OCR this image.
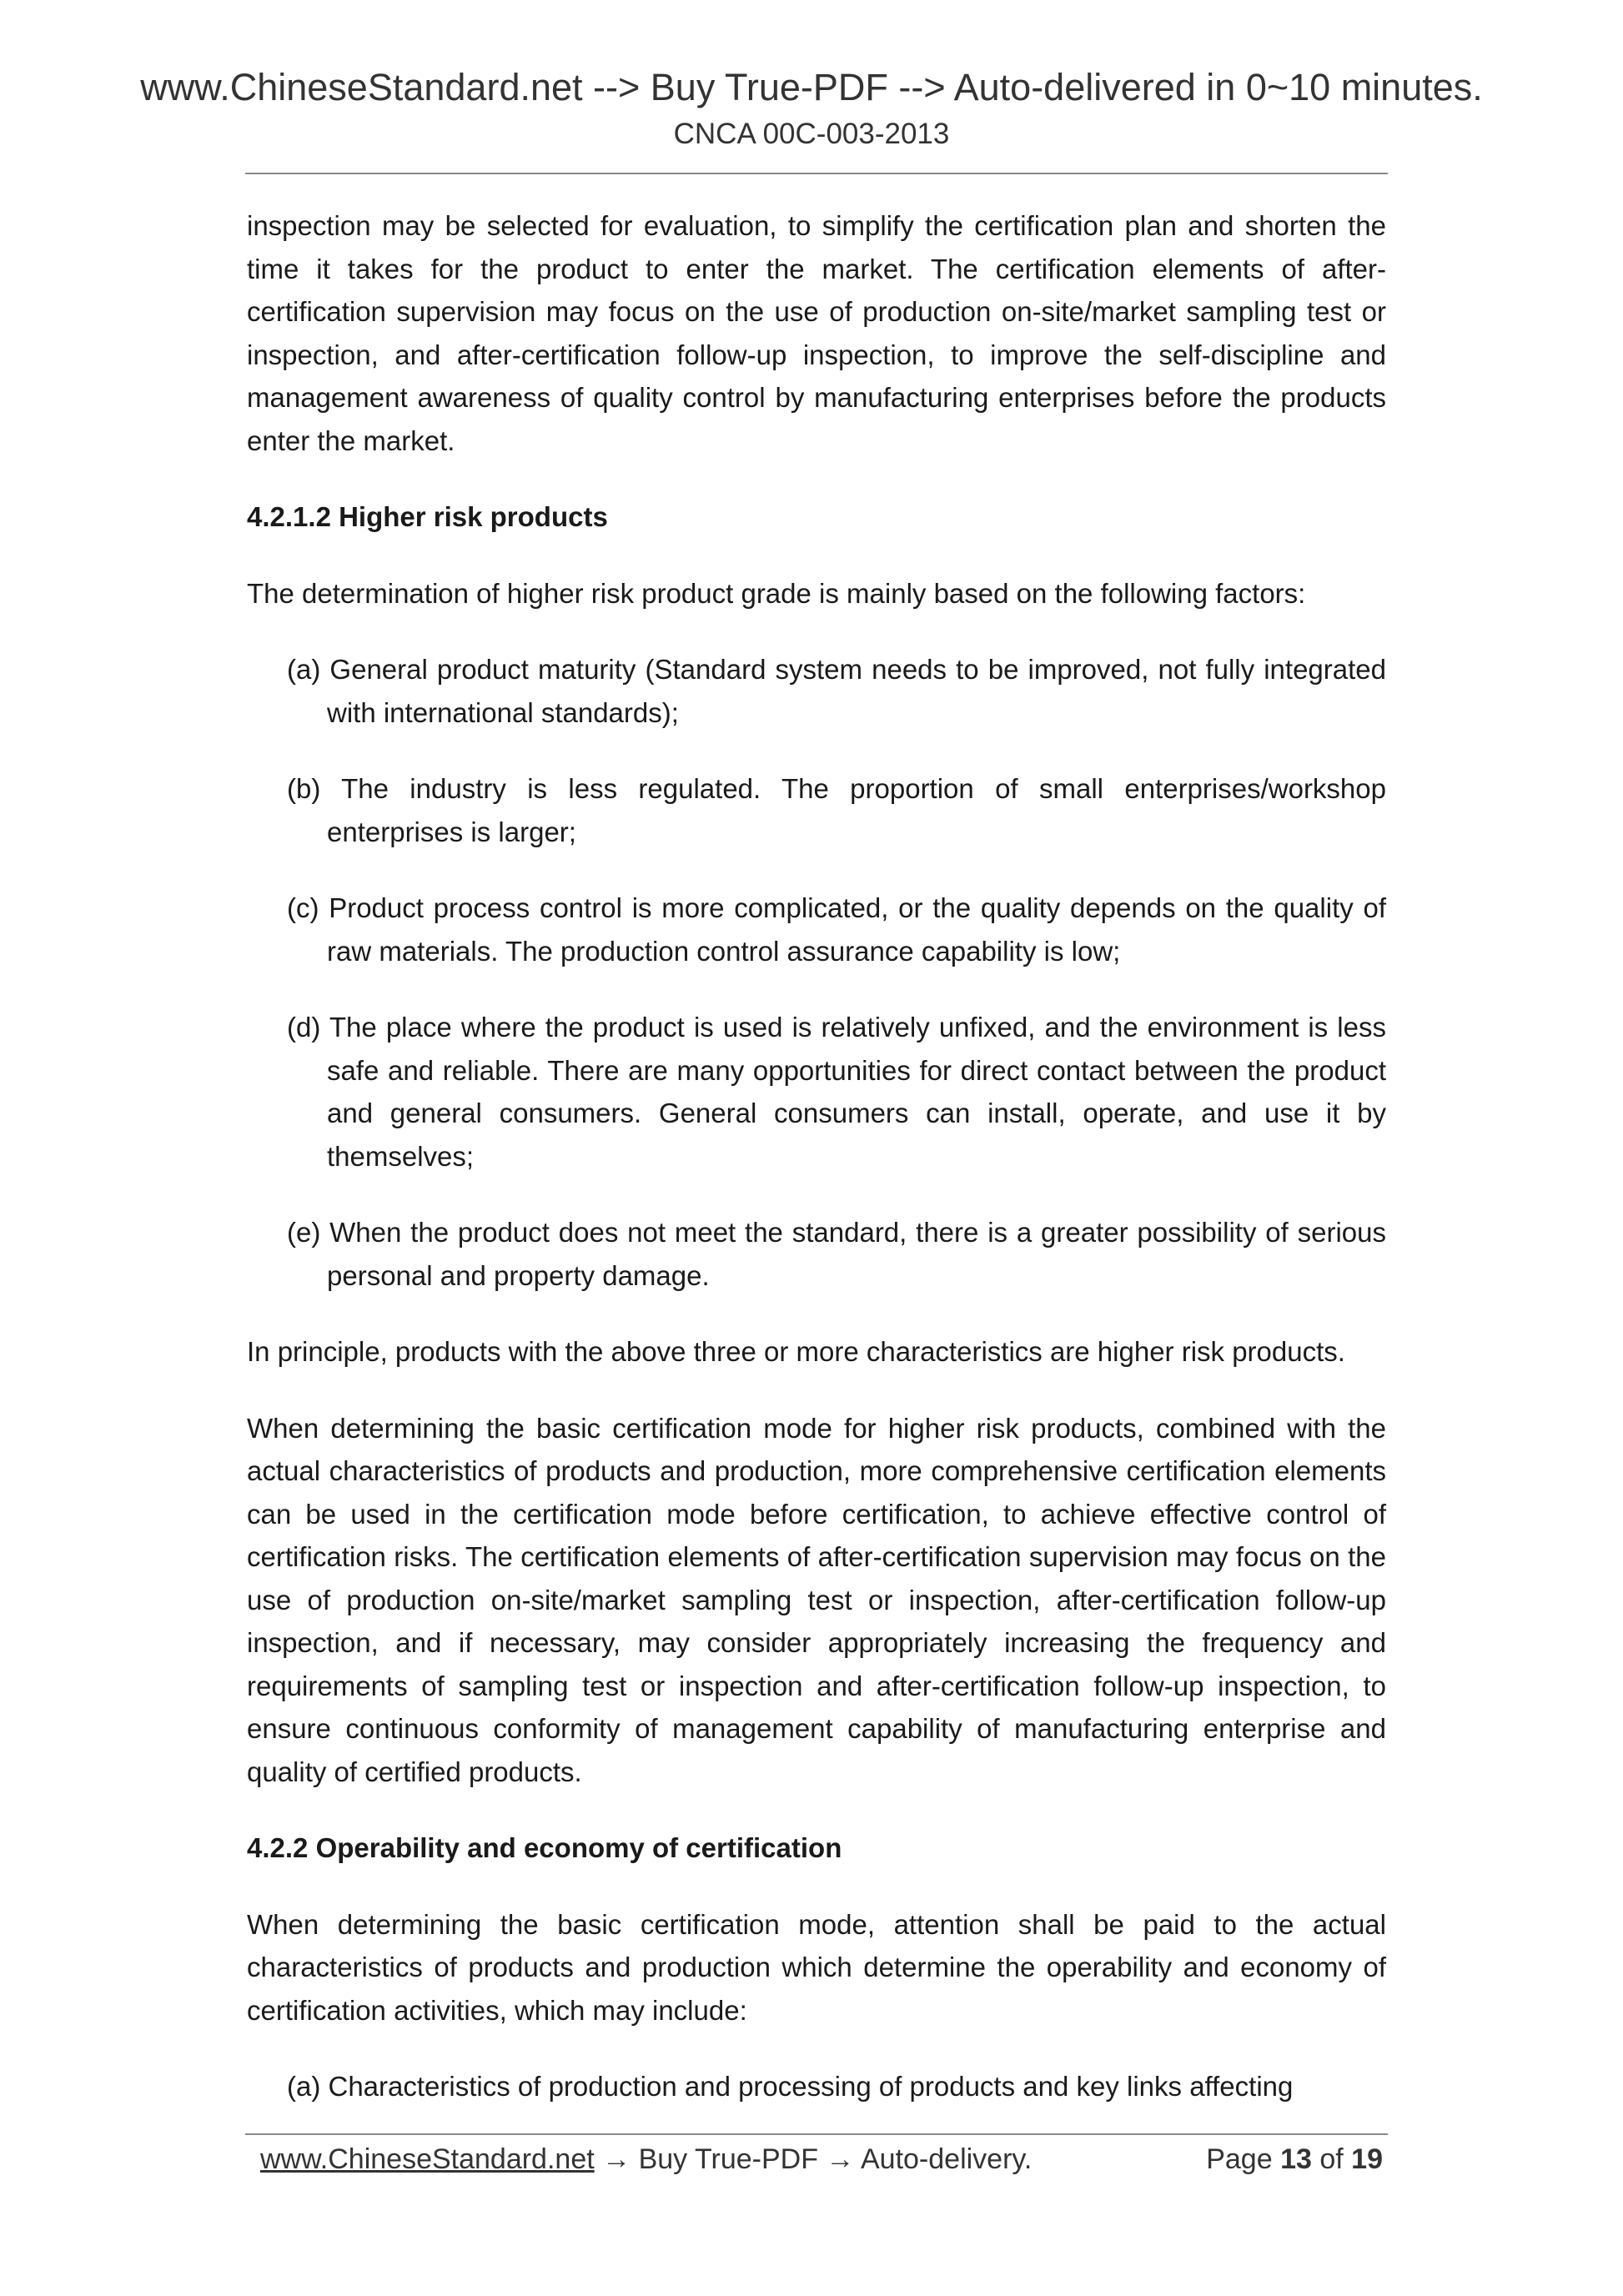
www.ChineseStandard.net --> Buy True-PDF --> Auto-delivered in 0~10 minutes.
CNCA 00C-003-2013

inspection may be selected for evaluation, to simplify the certification plan and shorten the time it takes for the product to enter the market. The certification elements of after-certification supervision may focus on the use of production on-site/market sampling test or inspection, and after-certification follow-up inspection, to improve the self-discipline and management awareness of quality control by manufacturing enterprises before the products enter the market.

4.2.1.2 Higher risk products

The determination of higher risk product grade is mainly based on the following factors:

(a) General product maturity (Standard system needs to be improved, not fully integrated with international standards);
(b) The industry is less regulated. The proportion of small enterprises/workshop enterprises is larger;
(c) Product process control is more complicated, or the quality depends on the quality of raw materials. The production control assurance capability is low;
(d) The place where the product is used is relatively unfixed, and the environment is less safe and reliable. There are many opportunities for direct contact between the product and general consumers. General consumers can install, operate, and use it by themselves;
(e) When the product does not meet the standard, there is a greater possibility of serious personal and property damage.

In principle, products with the above three or more characteristics are higher risk products.

When determining the basic certification mode for higher risk products, combined with the actual characteristics of products and production, more comprehensive certification elements can be used in the certification mode before certification, to achieve effective control of certification risks. The certification elements of after-certification supervision may focus on the use of production on-site/market sampling test or inspection, after-certification follow-up inspection, and if necessary, may consider appropriately increasing the frequency and requirements of sampling test or inspection and after-certification follow-up inspection, to ensure continuous conformity of management capability of manufacturing enterprise and quality of certified products.

4.2.2 Operability and economy of certification

When determining the basic certification mode, attention shall be paid to the actual characteristics of products and production which determine the operability and economy of certification activities, which may include:

(a) Characteristics of production and processing of products and key links affecting
www.ChineseStandard.net → Buy True-PDF → Auto-delivery.	Page 13 of 19
